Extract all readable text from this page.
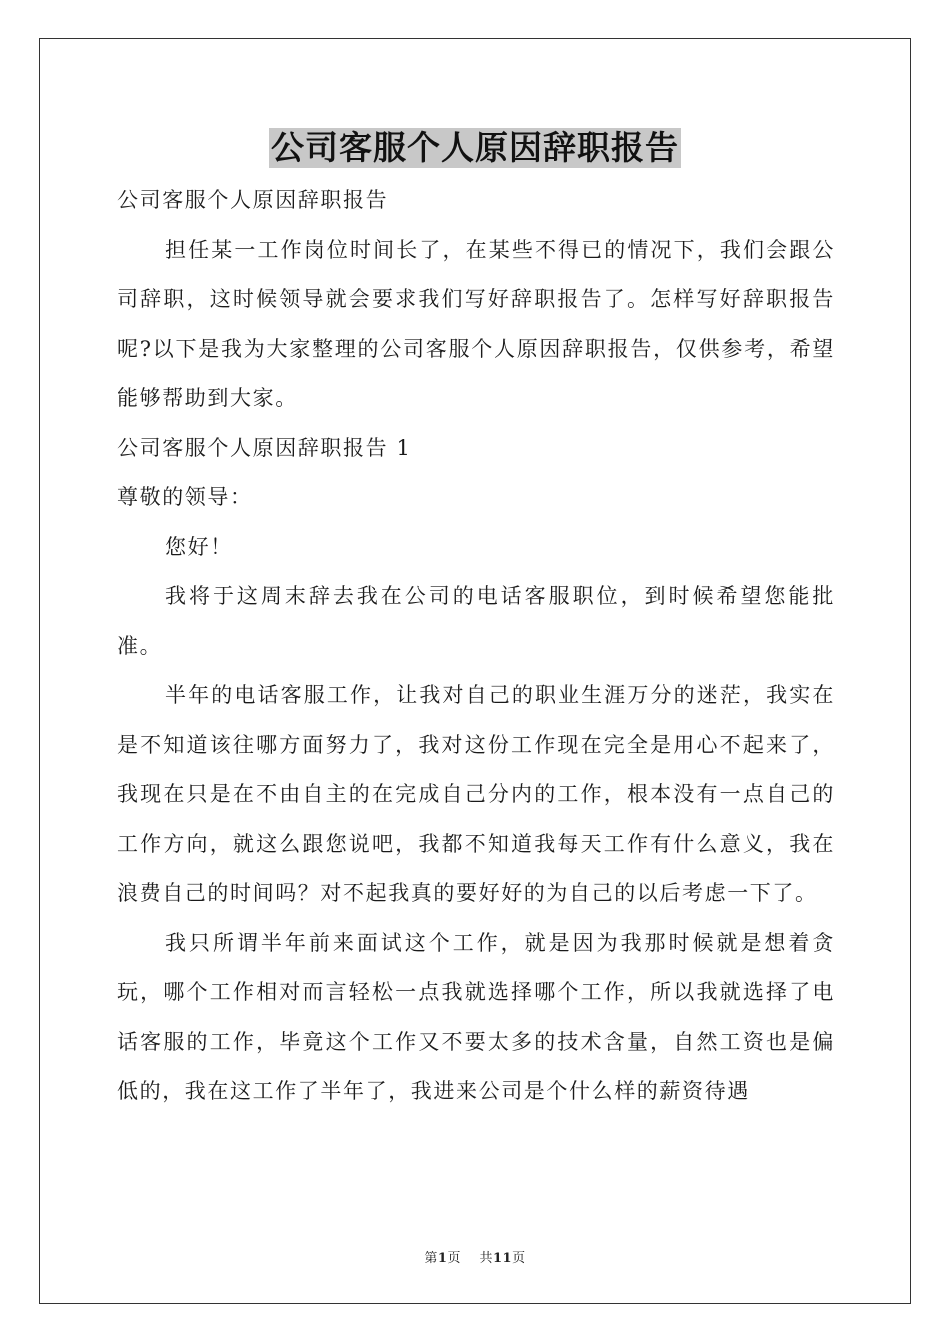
公司客服个人原因辞职报告

公司客服个人原因辞职报告

担任某一工作岗位时间长了，在某些不得已的情况下，我们会跟公司辞职，这时候领导就会要求我们写好辞职报告了。怎样写好辞职报告呢?以下是我为大家整理的公司客服个人原因辞职报告，仅供参考，希望能够帮助到大家。

公司客服个人原因辞职报告 1

尊敬的领导：

您好！

我将于这周末辞去我在公司的电话客服职位，到时候希望您能批准。

半年的电话客服工作，让我对自己的职业生涯万分的迷茫，我实在是不知道该往哪方面努力了，我对这份工作现在完全是用心不起来了，我现在只是在不由自主的在完成自己分内的工作，根本没有一点自己的工作方向，就这么跟您说吧，我都不知道我每天工作有什么意义，我在浪费自己的时间吗？对不起我真的要好好的为自己的以后考虑一下了。

我只所谓半年前来面试这个工作，就是因为我那时候就是想着贪玩，哪个工作相对而言轻松一点我就选择哪个工作，所以我就选择了电话客服的工作，毕竟这个工作又不要太多的技术含量，自然工资也是偏低的，我在这工作了半年了，我进来公司是个什么样的薪资待遇

第1页 共11页
